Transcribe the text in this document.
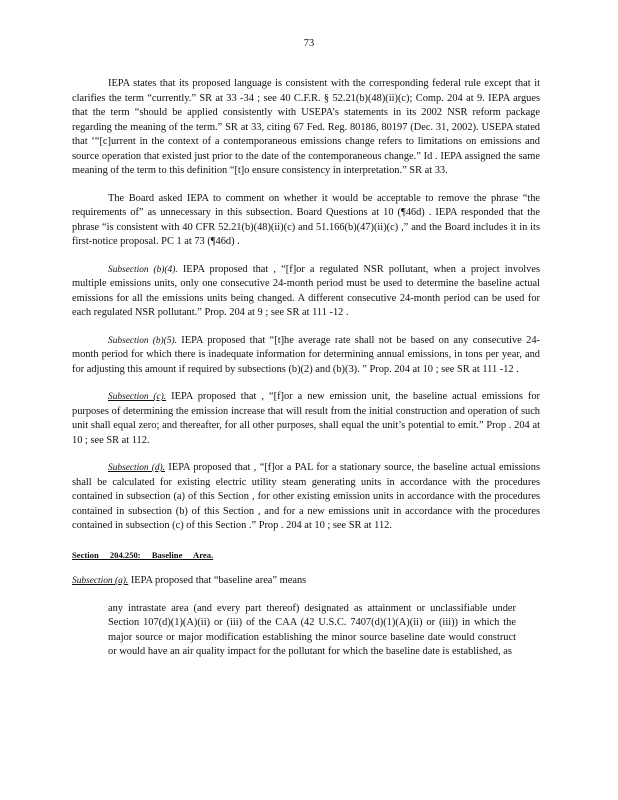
73

IEPA states that its proposed language is consistent with the corresponding federal rule except that it clarifies the term “currently.” SR at 33 -34 ; see 40 C.F.R. § 52.21(b)(48)(ii)(c); Comp. 204 at 9. IEPA argues that the term “should be applied consistently with USEPA’s statements in its 2002 NSR reform package regarding the meaning of the term.” SR at 33, citing 67 Fed. Reg. 80186, 80197 (Dec. 31, 2002). USEPA stated that ‘“[c]urrent in the context of a contemporaneous emissions change refers to limitations on emissions and source operation that existed just prior to the date of the contemporaneous change.” Id . IEPA assigned the same meaning of the term to this definition “[t]o ensure consistency in interpretation.” SR at 33.

The Board asked IEPA to comment on whether it would be acceptable to remove the phrase “the requirements of” as unnecessary in this subsection. Board Questions at 10 (¶46d) . IEPA responded that the phrase “is consistent with 40 CFR 52.21(b)(48)(ii)(c) and 51.166(b)(47)(ii)(c) ,” and the Board includes it in its first-notice proposal. PC 1 at 73 (¶46d) .

Subsection (b)(4). IEPA proposed that , “[f]or a regulated NSR pollutant, when a project involves multiple emissions units, only one consecutive 24-month period must be used to determine the baseline actual emissions for all the emissions units being changed. A different consecutive 24-month period can be used for each regulated NSR pollutant.” Prop. 204 at 9 ; see SR at 111 -12 .

Subsection (b)(5). IEPA proposed that “[t]he average rate shall not be based on any consecutive 24-month period for which there is inadequate information for determining annual emissions, in tons per year, and for adjusting this amount if required by subsections (b)(2) and (b)(3). ” Prop. 204 at 10 ; see SR at 111 -12 .

Subsection (c). IEPA proposed that , “[f]or a new emission unit, the baseline actual emissions for purposes of determining the emission increase that will result from the initial construction and operation of such unit shall equal zero; and thereafter, for all other purposes, shall equal the unit’s potential to emit.” Prop . 204 at 10 ; see SR at 112.

Subsection (d). IEPA proposed that , “[f]or a PAL for a stationary source, the baseline actual emissions shall be calculated for existing electric utility steam generating units in accordance with the procedures contained in subsection (a) of this Section , for other existing emission units in accordance with the procedures contained in subsection (b) of this Section , and for a new emissions unit in accordance with the procedures contained in subsection (c) of this Section .” Prop . 204 at 10 ; see SR at 112.

Section 204.250: Baseline Area.

Subsection (a). IEPA proposed that “baseline area” means

any intrastate area (and every part thereof) designated as attainment or unclassifiable under Section 107(d)(1)(A)(ii) or (iii) of the CAA (42 U.S.C. 7407(d)(1)(A)(ii) or (iii)) in which the major source or major modification establishing the minor source baseline date would construct or would have an air quality impact for the pollutant for which the baseline date is established, as
